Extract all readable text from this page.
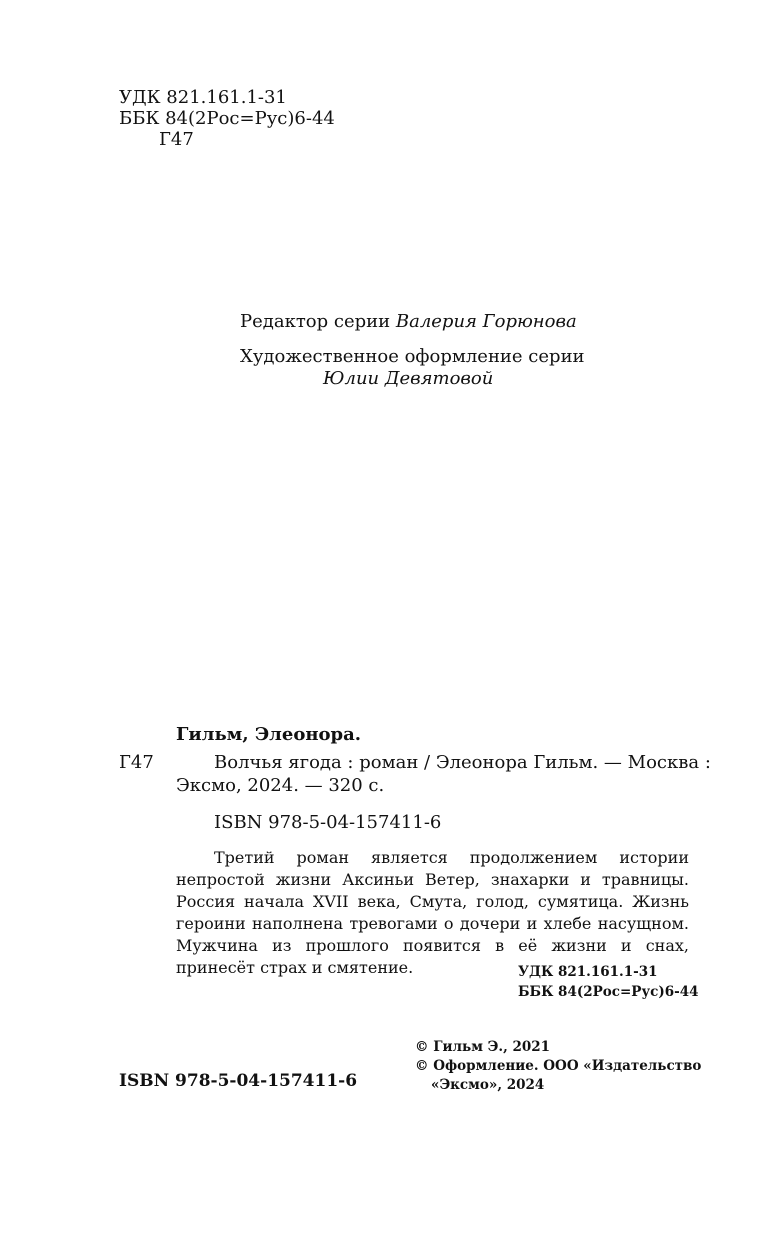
УДК 821.161.1-31
ББК 84(2Рос=Рус)6-44
Г47
Редактор серии Валерия Горюнова
Художественное оформление серии
Юлии Девятовой
Гильм, Элеонора.
Г47	Волчья ягода : роман / Элеонора Гильм. — Москва :
Эксмо, 2024. — 320 с.
ISBN 978-5-04-157411-6
Третий роман является продолжением истории непростой жизни Аксиньи Ветер, знахарки и травницы. Россия начала XVII века, Смута, голод, сумятица. Жизнь героини наполнена тревогами о дочери и хлебе насущном. Мужчина из прошлого появится в её жизни и снах, принесёт страх и смятение.	УДК 821.161.1-31
ББК 84(2Рос=Рус)6-44
ISBN 978-5-04-157411-6
© Гильм Э., 2021
© Оформление. ООО «Издательство
«Эксмо», 2024
